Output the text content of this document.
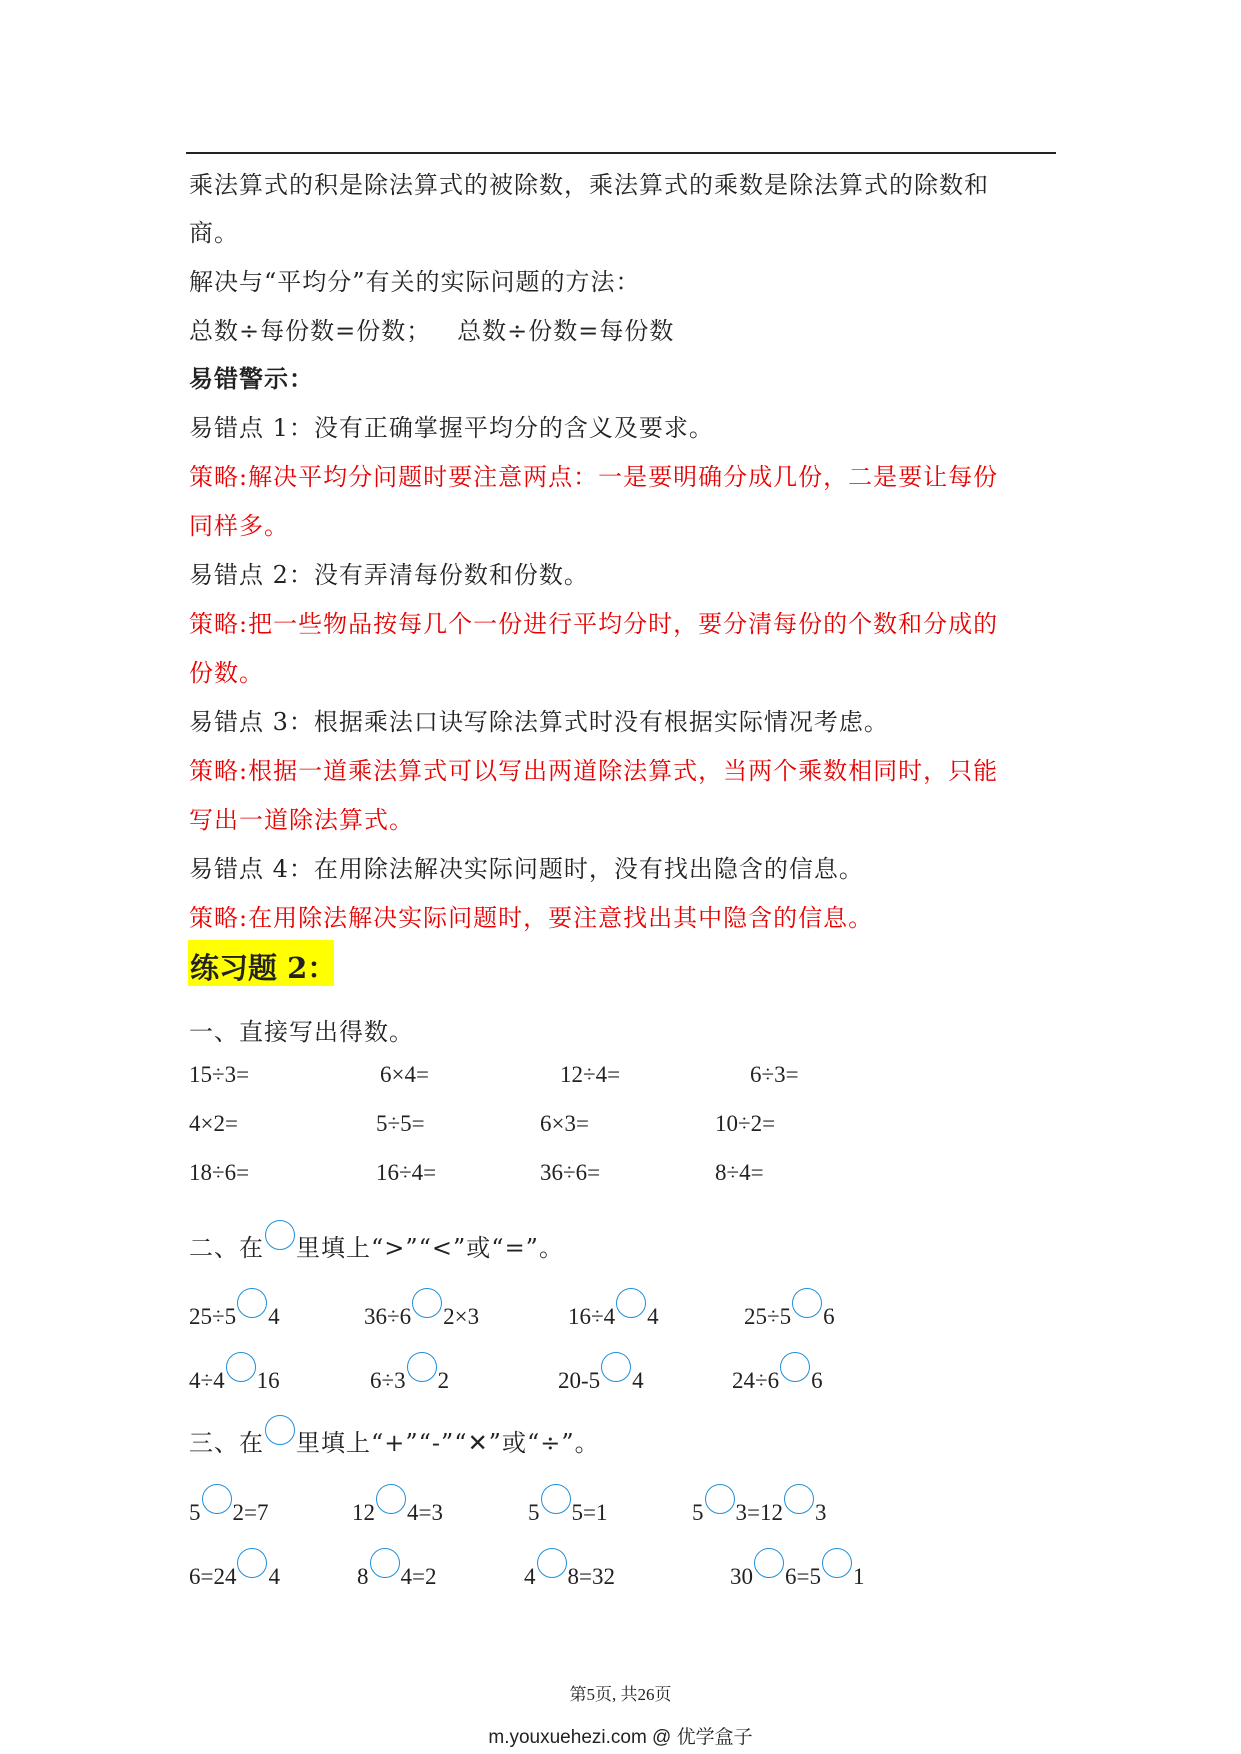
乘法算式的积是除法算式的被除数，乘法算式的乘数是除法算式的除数和
商。
解决与“平均分”有关的实际问题的方法：
总数÷每份数=份数；   总数÷份数=每份数
易错警示：
易错点 1：没有正确掌握平均分的含义及要求。
策略:解决平均分问题时要注意两点：一是要明确分成几份，二是要让每份
同样多。
易错点 2：没有弄清每份数和份数。
策略:把一些物品按每几个一份进行平均分时，要分清每份的个数和分成的
份数。
易错点 3：根据乘法口诀写除法算式时没有根据实际情况考虑。
策略:根据一道乘法算式可以写出两道除法算式，当两个乘数相同时，只能
写出一道除法算式。
易错点 4：在用除法解决实际问题时，没有找出隐含的信息。
策略:在用除法解决实际问题时，要注意找出其中隐含的信息。
练习题 2：
一、直接写出得数。
15÷3=	6×4=	12÷4=	6÷3=
4×2=	5÷5=	6×3=	10÷2=
18÷6=	16÷4=	36÷6=	8÷4=
二、在 里填上“>”“<”或“=”。
25÷5 4	36÷6 2×3	16÷4 4	25÷5 6
4÷4 16	6÷3 2	20-5 4	24÷6 6
三、在 里填上“+”“-”“✕”或“÷”。
5 2=7	12 4=3	5 5=1	5 3=12 3
6=24 4	8 4=2	4 8=32	30 6=5 1
第5页, 共26页
m.youxuehezi.com @ 优学盒子
